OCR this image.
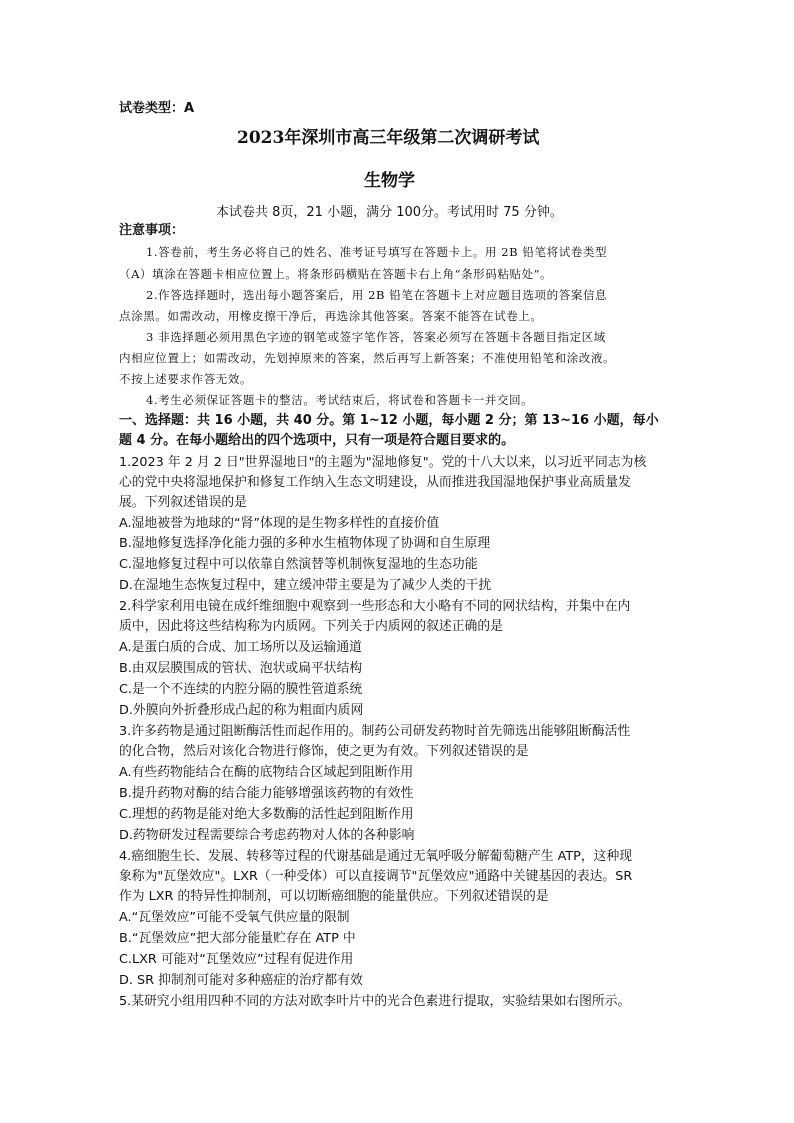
试卷类型：A
2023年深圳市高三年级第二次调研考试
生物学
本试卷共 8页，21 小题，满分 100分。考试用时 75 分钟。
注意事项：
1.答卷前，考生务必将自己的姓名、准考证号填写在答题卡上。用 2B 铅笔将试卷类型
（A）填涂在答题卡相应位置上。将条形码横贴在答题卡右上角“条形码粘贴处”。
2.作答选择题时，选出每小题答案后，用 2B 铅笔在答题卡上对应题目选项的答案信息
点涂黑。如需改动，用橡皮擦干净后，再选涂其他答案。答案不能答在试卷上。
3 非选择题必须用黑色字迹的钢笔或签字笔作答，答案必须写在答题卡各题目指定区域
内相应位置上；如需改动，先划掉原来的答案，然后再写上新答案；不准使用铅笔和涂改液。
不按上述要求作答无效。
4.考生必须保证答题卡的整洁。考试结束后，将试卷和答题卡一并交回。
一、选择题：共 16 小题，共 40 分。第 1~12 小题，每小题 2 分；第 13~16 小题，每小
题 4 分。在每小题给出的四个选项中，只有一项是符合题目要求的。
1.2023 年 2 月 2 日"世界湿地日"的主题为"湿地修复"。党的十八大以来，以习近平同志为核
心的党中央将湿地保护和修复工作纳入生态文明建设，从而推进我国湿地保护事业高质量发
展。下列叙述错误的是
A.湿地被誉为地球的“肾”体现的是生物多样性的直接价值
B.湿地修复选择净化能力强的多种水生植物体现了协调和自生原理
C.湿地修复过程中可以依靠自然演替等机制恢复湿地的生态功能
D.在湿地生态恢复过程中，建立缓冲带主要是为了减少人类的干扰
2.科学家利用电镜在成纤维细胞中观察到一些形态和大小略有不同的网状结构，并集中在内
质中，因此将这些结构称为内质网。下列关于内质网的叙述正确的是
A.是蛋白质的合成、加工场所以及运输通道
B.由双层膜围成的管状、泡状或扁平状结构
C.是一个不连续的内腔分隔的膜性管道系统
D.外膜向外折叠形成凸起的称为粗面内质网
3.许多药物是通过阻断酶活性而起作用的。制药公司研发药物时首先筛选出能够阻断酶活性
的化合物，然后对该化合物进行修饰，使之更为有效。下列叙述错误的是
A.有些药物能结合在酶的底物结合区域起到阻断作用
B.提升药物对酶的结合能力能够增强该药物的有效性
C.理想的药物是能对绝大多数酶的活性起到阻断作用
D.药物研发过程需要综合考虑药物对人体的各种影响
4.癌细胞生长、发展、转移等过程的代谢基础是通过无氧呼吸分解葡萄糖产生 ATP，这种现
象称为"瓦堡效应"。LXR（一种受体）可以直接调节"瓦堡效应"通路中关键基因的表达。SR
作为 LXR 的特异性抑制剂，可以切断癌细胞的能量供应。下列叙述错误的是
A.“瓦堡效应”可能不受氧气供应量的限制
B.“瓦堡效应”把大部分能量贮存在 ATP 中
C.LXR 可能对“瓦堡效应”过程有促进作用
D. SR 抑制剂可能对多种癌症的治疗都有效
5.某研究小组用四种不同的方法对欧李叶片中的光合色素进行提取，实验结果如右图所示。
